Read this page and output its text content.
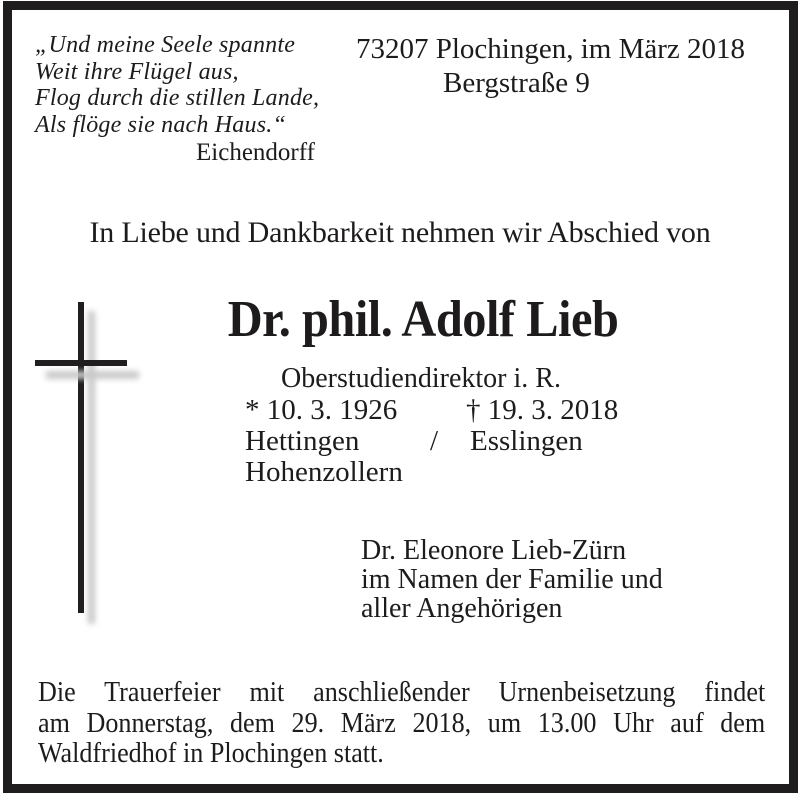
„Und meine Seele spannte
Weit ihre Flügel aus,
Flog durch die stillen Lande,
Als flöge sie nach Haus.“
Eichendorff
73207 Plochingen, im März 2018
Bergstraße 9
In Liebe und Dankbarkeit nehmen wir Abschied von
Dr. phil. Adolf Lieb
Oberstudiendirektor i. R.
* 10. 3. 1926 † 19. 3. 2018
Hettingen / Esslingen
Hohenzollern
Dr. Eleonore Lieb-Zürn
im Namen der Familie und
aller Angehörigen
Die Trauerfeier mit anschließender Urnenbeisetzung findet
am Donnerstag, dem 29. März 2018, um 13.00 Uhr auf dem
Waldfriedhof in Plochingen statt.
